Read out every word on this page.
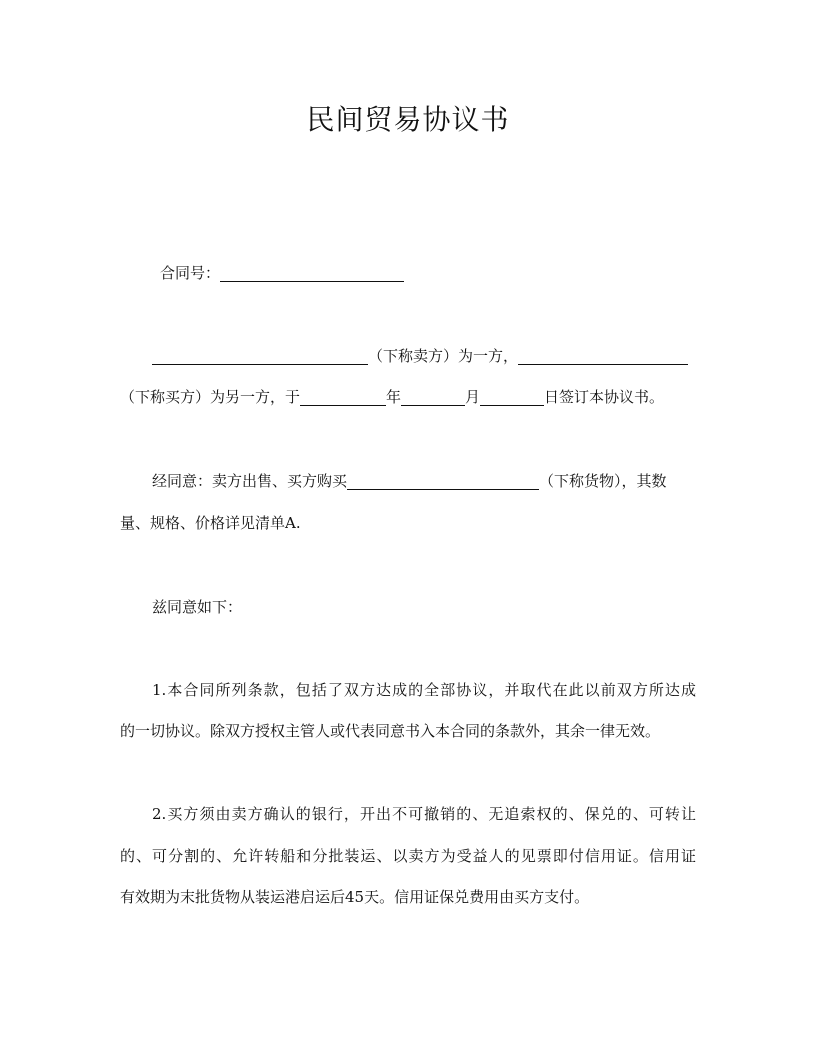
民间贸易协议书
合同号：
（下称卖方）为一方，
（下称买方）为另一方，于	年	月	日签订本协议书。
经同意：卖方出售、买方购买	（下称货物），其数
量、规格、价格详见清单A.
兹同意如下：
1.本合同所列条款，包括了双方达成的全部协议，并取代在此以前双方所达成
的一切协议。除双方授权主管人或代表同意书入本合同的条款外，其余一律无效。
2.买方须由卖方确认的银行，开出不可撤销的、无追索权的、保兑的、可转让
的、可分割的、允许转船和分批装运、以卖方为受益人的见票即付信用证。信用证
有效期为末批货物从装运港启运后45天。信用证保兑费用由买方支付。
